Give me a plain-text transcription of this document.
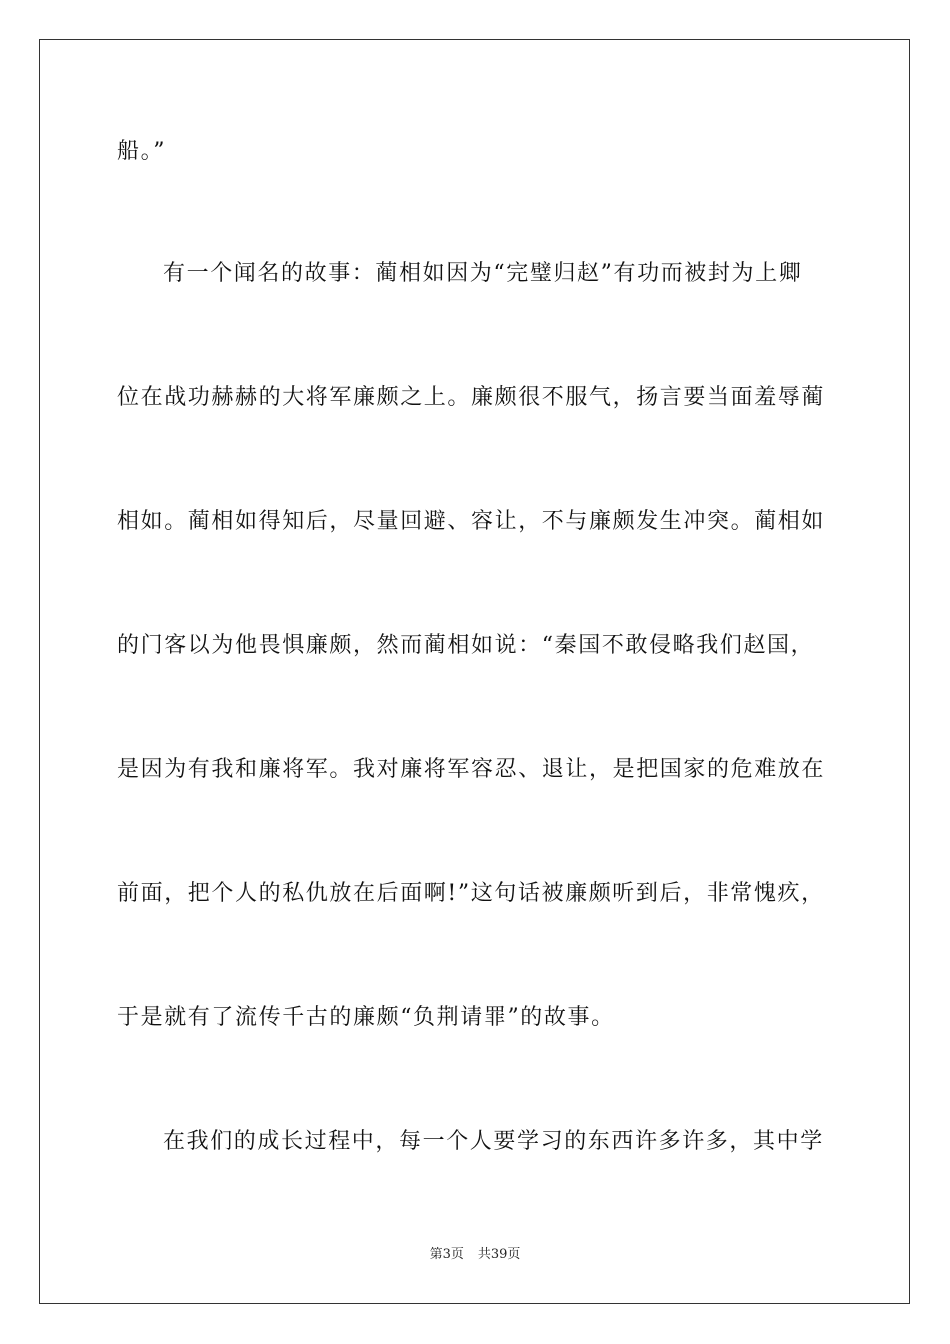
船。”
有一个闻名的故事：蔺相如因为“完璧归赵”有功而被封为上卿
位在战功赫赫的大将军廉颇之上。廉颇很不服气，扬言要当面羞辱蔺
相如。蔺相如得知后，尽量回避、容让，不与廉颇发生冲突。蔺相如
的门客以为他畏惧廉颇，然而蔺相如说：“秦国不敢侵略我们赵国，
是因为有我和廉将军。我对廉将军容忍、退让，是把国家的危难放在
前面，把个人的私仇放在后面啊!”这句话被廉颇听到后，非常愧疚，
于是就有了流传千古的廉颇“负荆请罪”的故事。
在我们的成长过程中，每一个人要学习的东西许多许多，其中学
第3页 共39页
